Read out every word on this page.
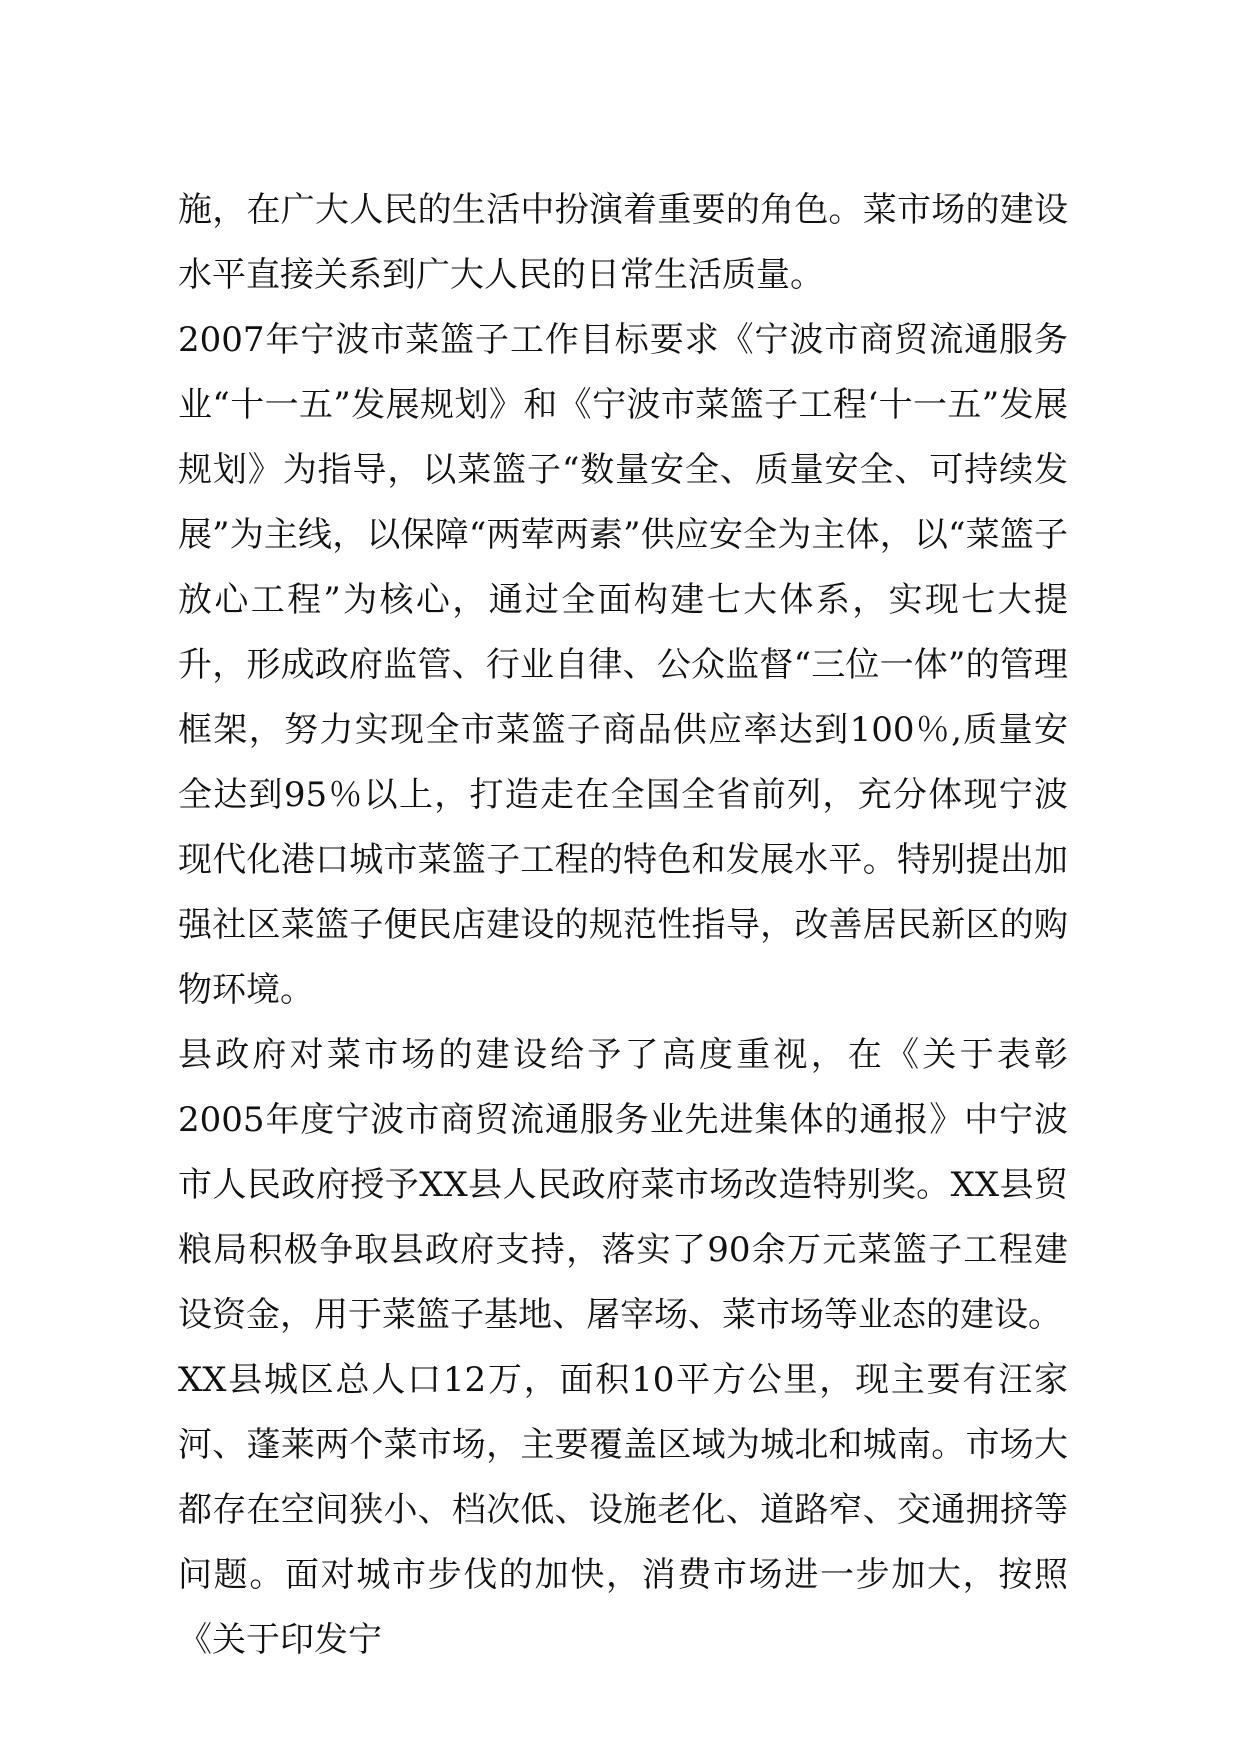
施，在广大人民的生活中扮演着重要的角色。菜市场的建设水平直接关系到广大人民的日常生活质量。

2007年宁波市菜篮子工作目标要求《宁波市商贸流通服务业“十一五”发展规划》和《宁波市菜篮子工程‘十一五”发展规划》为指导，以菜篮子“数量安全、质量安全、可持续发展”为主线，以保障“两荤两素”供应安全为主体，以“菜篮子放心工程”为核心，通过全面构建七大体系，实现七大提升，形成政府监管、行业自律、公众监督“三位一体”的管理框架，努力实现全市菜篮子商品供应率达到100％,质量安全达到95％以上，打造走在全国全省前列，充分体现宁波现代化港口城市菜篮子工程的特色和发展水平。特别提出加强社区菜篮子便民店建设的规范性指导，改善居民新区的购物环境。

县政府对菜市场的建设给予了高度重视，在《关于表彰2005年度宁波市商贸流通服务业先进集体的通报》中宁波市人民政府授予XX县人民政府菜市场改造特别奖。XX县贸粮局积极争取县政府支持，落实了90余万元菜篮子工程建设资金，用于菜篮子基地、屠宰场、菜市场等业态的建设。

XX县城区总人口12万，面积10平方公里，现主要有汪家河、蓬莱两个菜市场，主要覆盖区域为城北和城南。市场大都存在空间狭小、档次低、设施老化、道路窄、交通拥挤等问题。面对城市步伐的加快，消费市场进一步加大，按照《关于印发宁
